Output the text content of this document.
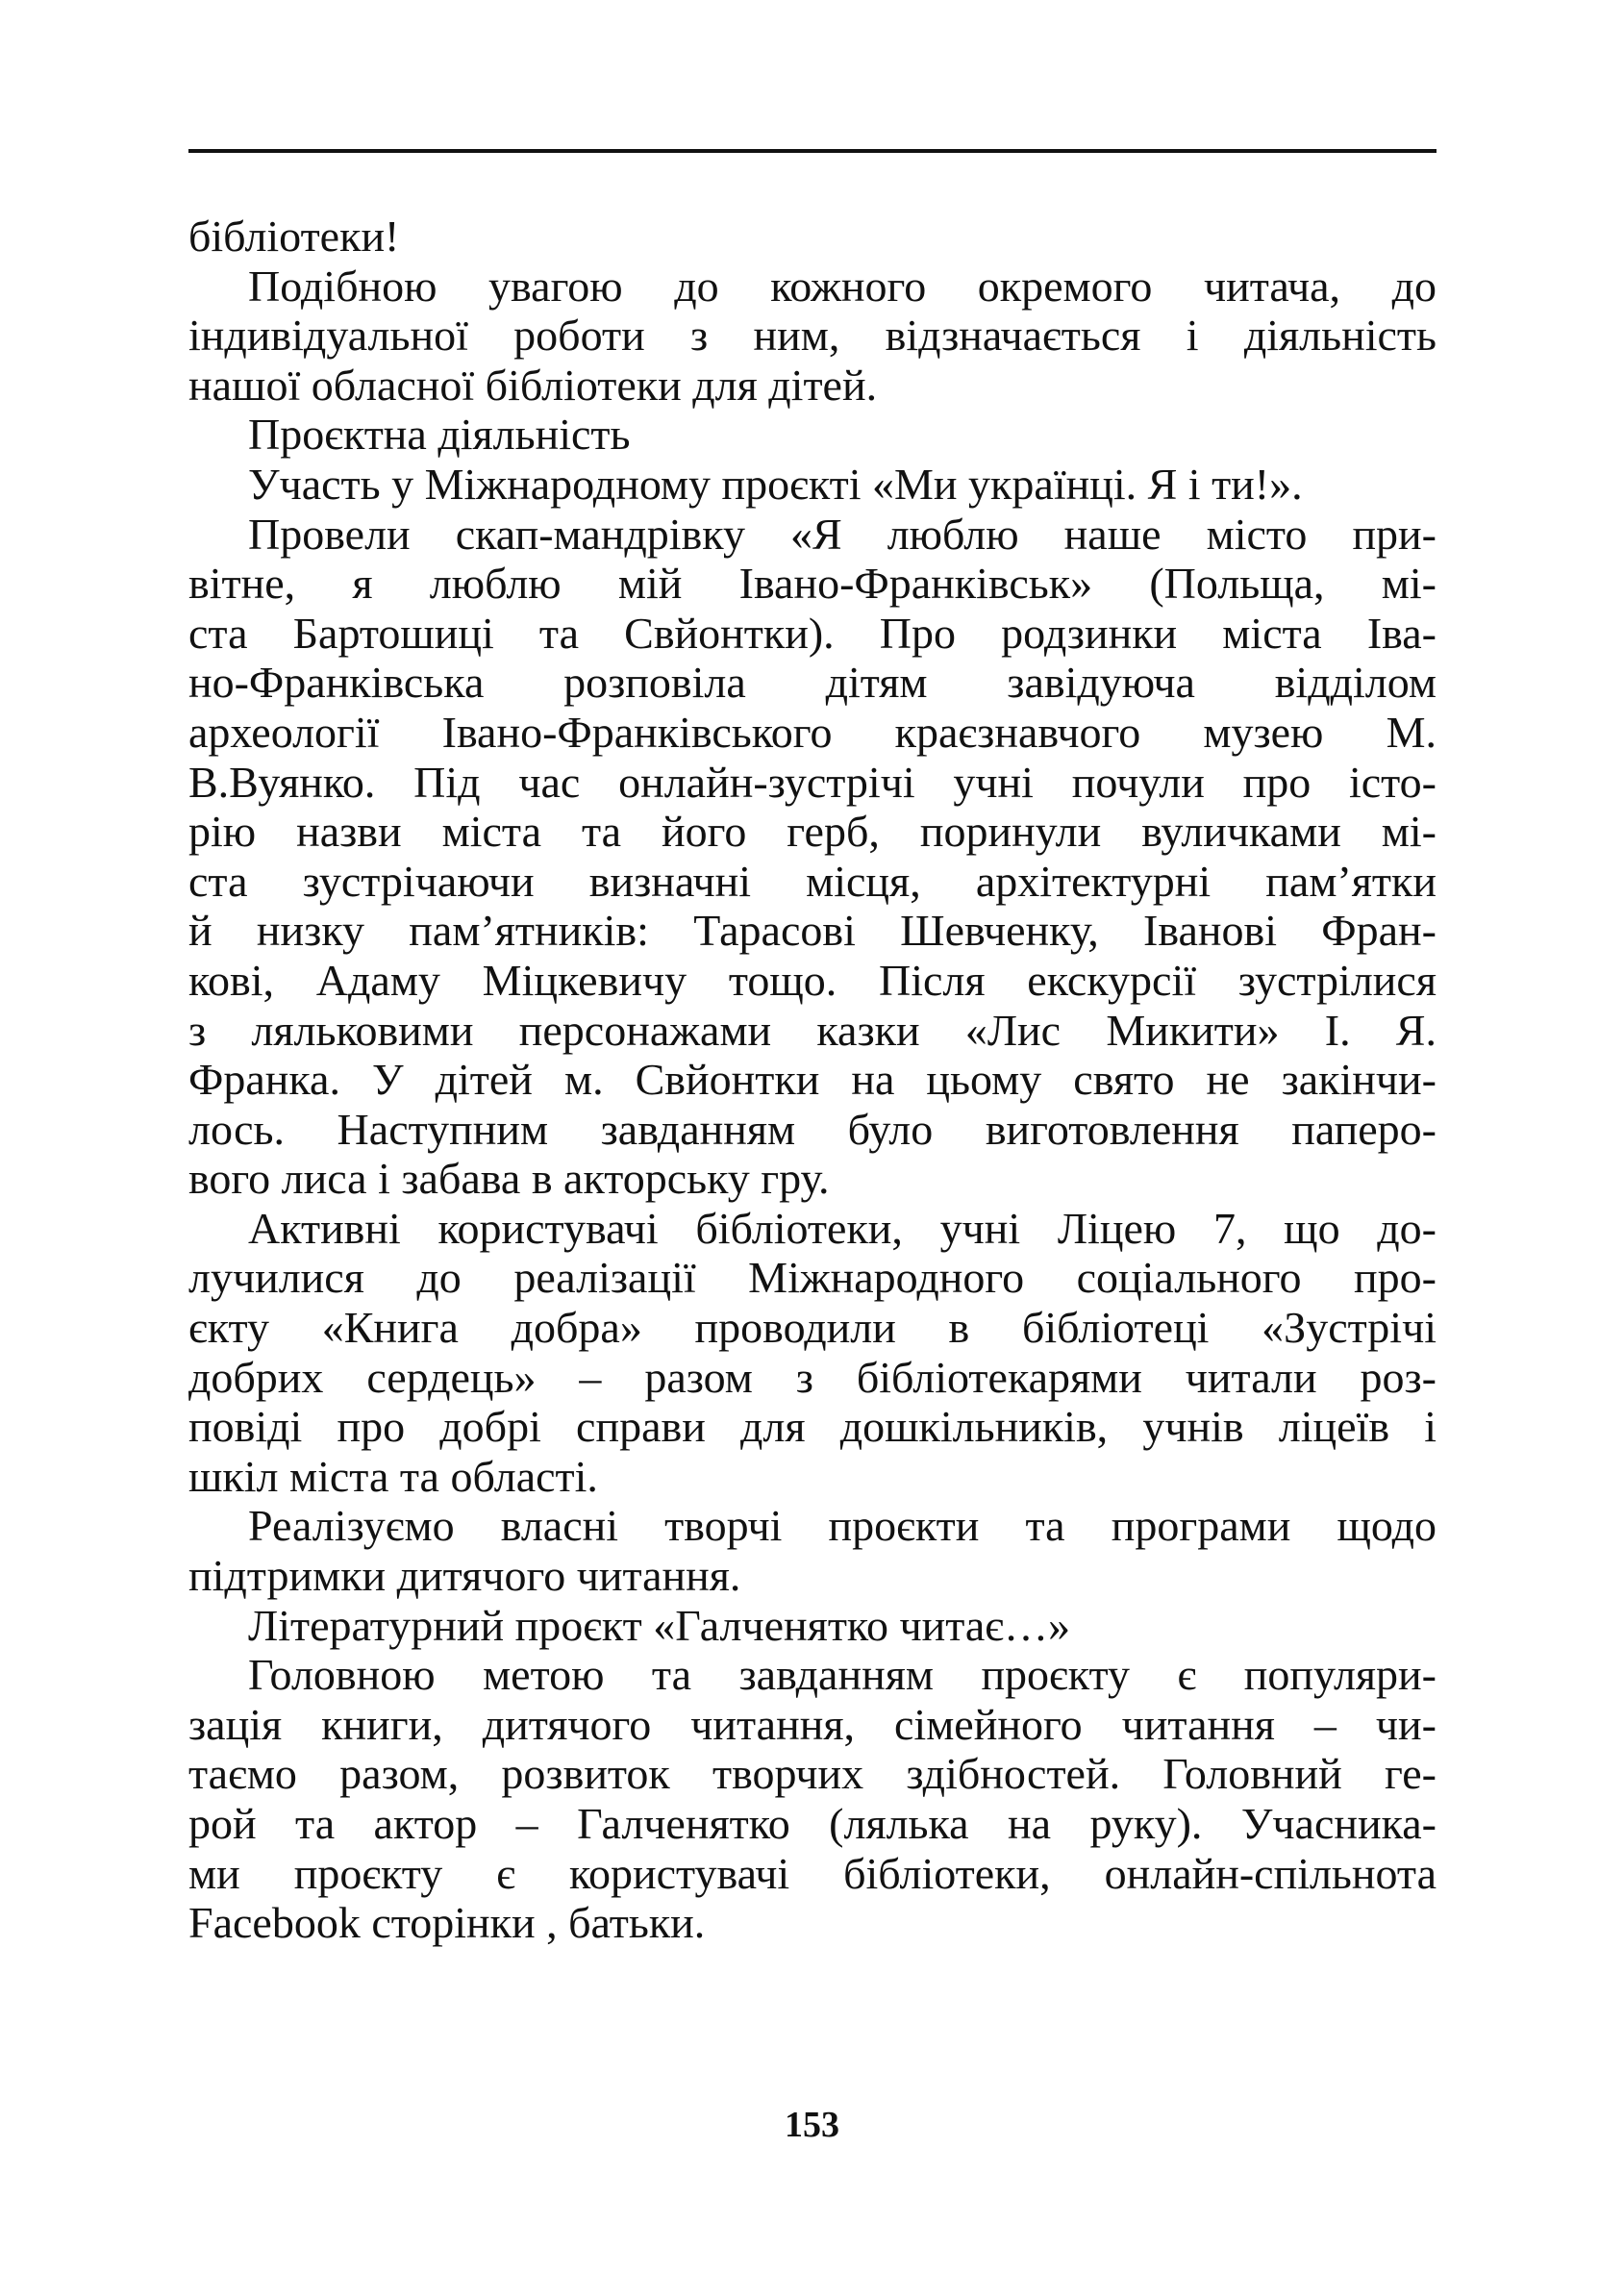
бібліотеки!
Подібною увагою до кожного окремого читача, до
індивідуальної роботи з ним, відзначається і діяльність
нашої обласної бібліотеки для дітей.
Проєктна діяльність
Участь у Міжнародному проєкті «Ми українці. Я і ти!».
Провели скап-мандрівку «Я люблю наше місто при-
вітне, я люблю мій Івано-Франківськ» (Польща, мі-
ста Бартошиці та Свйонтки). Про родзинки міста Іва-
но-Франківська розповіла дітям завідуюча відділом
археології Івано-Франківського краєзнавчого музею М.
В.Вуянко. Під час онлайн-зустрічі учні почули про істо-
рію назви міста та його герб, поринули вуличками мі-
ста зустрічаючи визначні місця, архітектурні пам’ятки
й низку пам’ятників: Тарасові Шевченку, Іванові Фран-
кові, Адаму Міцкевичу тощо. Після екскурсії зустрілися
з ляльковими персонажами казки «Лис Микити» І. Я.
Франка. У дітей м. Свйонтки на цьому свято не закінчи-
лось. Наступним завданням було виготовлення паперо-
вого лиса і забава в акторську гру.
Активні користувачі бібліотеки, учні Ліцею 7, що до-
лучилися до реалізації Міжнародного соціального про-
єкту «Книга добра» проводили в бібліотеці «Зустрічі
добрих сердець» – разом з бібліотекарями читали роз-
повіді про добрі справи для дошкільників, учнів ліцеїв і
шкіл міста та області.
Реалізуємо власні творчі проєкти та програми щодо
підтримки дитячого читання.
Літературний проєкт «Галченятко читає…»
Головною метою та завданням проєкту є популяри-
зація книги, дитячого читання, сімейного читання – чи-
таємо разом, розвиток творчих здібностей. Головний ге-
рой та актор – Галченятко (лялька на руку). Учасника-
ми проєкту є користувачі бібліотеки, онлайн-спільнота
Facebook сторінки , батьки.
153
